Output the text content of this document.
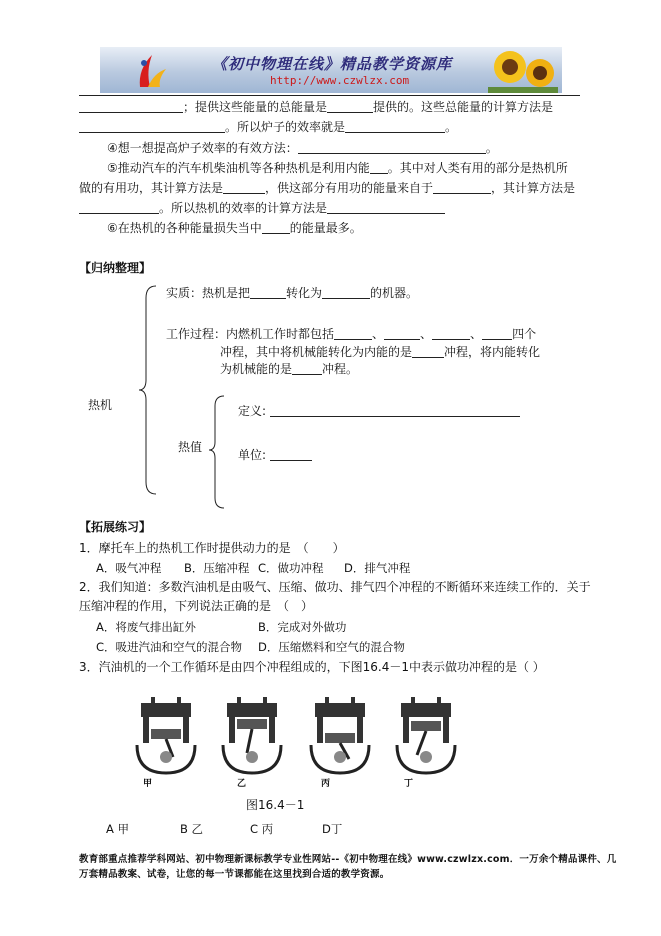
《初中物理在线》精品教学资源库
http://www.czwlzx.com
；提供这些能量的总能量是	提供的。这些总能量的计算方法是
。所以炉子的效率就是	。
④想一想提高炉子效率的有效方法：	。
⑤推动汽车的汽车机柴油机等各种热机是利用内能 。其中对人类有用的部分是热机所
做的有用功，其计算方法是	，供这部分有用功的能量来自于	，其计算方法是
。所以热机的效率的计算方法是
⑥在热机的各种能量损失当中 的能量最多。
【归纳整理】
实质：热机是把	转化为	的机器。
工作过程：内燃机工作时都包括	、	、	、	四个
冲程，其中将机械能转化为内能的是	冲程，将内能转化
为机械能的是	冲程。
热机
热值
定义:
单位:
【拓展练习】
1．摩托车上的热机工作时提供动力的是　（　　）
A．吸气冲程 B．压缩冲程 C．做功冲程 D．排气冲程
2．我们知道：多数汽油机是由吸气、压缩、做功、排气四个冲程的不断循环来连续工作的．关于
压缩冲程的作用，下列说法正确的是　（　）
A．将废气排出缸外	B．完成对外做功
C．吸进汽油和空气的混合物 D．压缩燃料和空气的混合物
3．汽油机的一个工作循环是由四个冲程组成的，下图16.4－1中表示做功冲程的是（ ）
甲	乙	丙	丁
图16.4－1
A 甲	B 乙	C 丙	D丁
教育部重点推荐学科网站、初中物理新课标教学专业性网站--《初中物理在线》www.czwlzx.com．一万余个精品课件、几万套精品教案、试卷，让您的每一节课都能在这里找到合适的教学资源。
